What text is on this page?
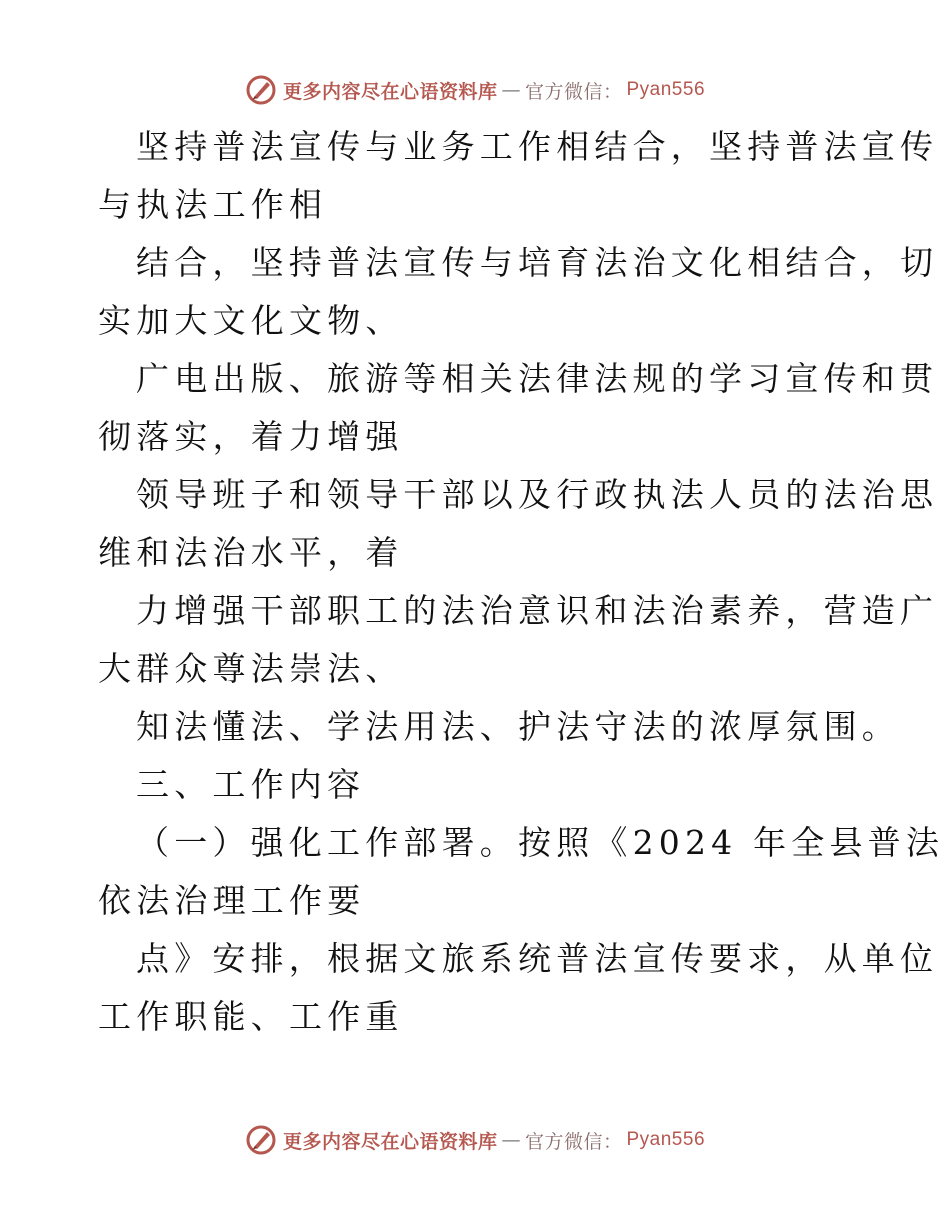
更多内容尽在心语资料库 — 官方微信： Pyan556
坚持普法宣传与业务工作相结合，坚持普法宣传
与执法工作相
结合，坚持普法宣传与培育法治文化相结合，切
实加大文化文物、
广电出版、旅游等相关法律法规的学习宣传和贯
彻落实，着力增强
领导班子和领导干部以及行政执法人员的法治思
维和法治水平，着
力增强干部职工的法治意识和法治素养，营造广
大群众尊法崇法、
知法懂法、学法用法、护法守法的浓厚氛围。
三、工作内容
（一）强化工作部署。按照《2024 年全县普法
依法治理工作要
点》安排，根据文旅系统普法宣传要求，从单位
工作职能、工作重
更多内容尽在心语资料库 — 官方微信： Pyan556
